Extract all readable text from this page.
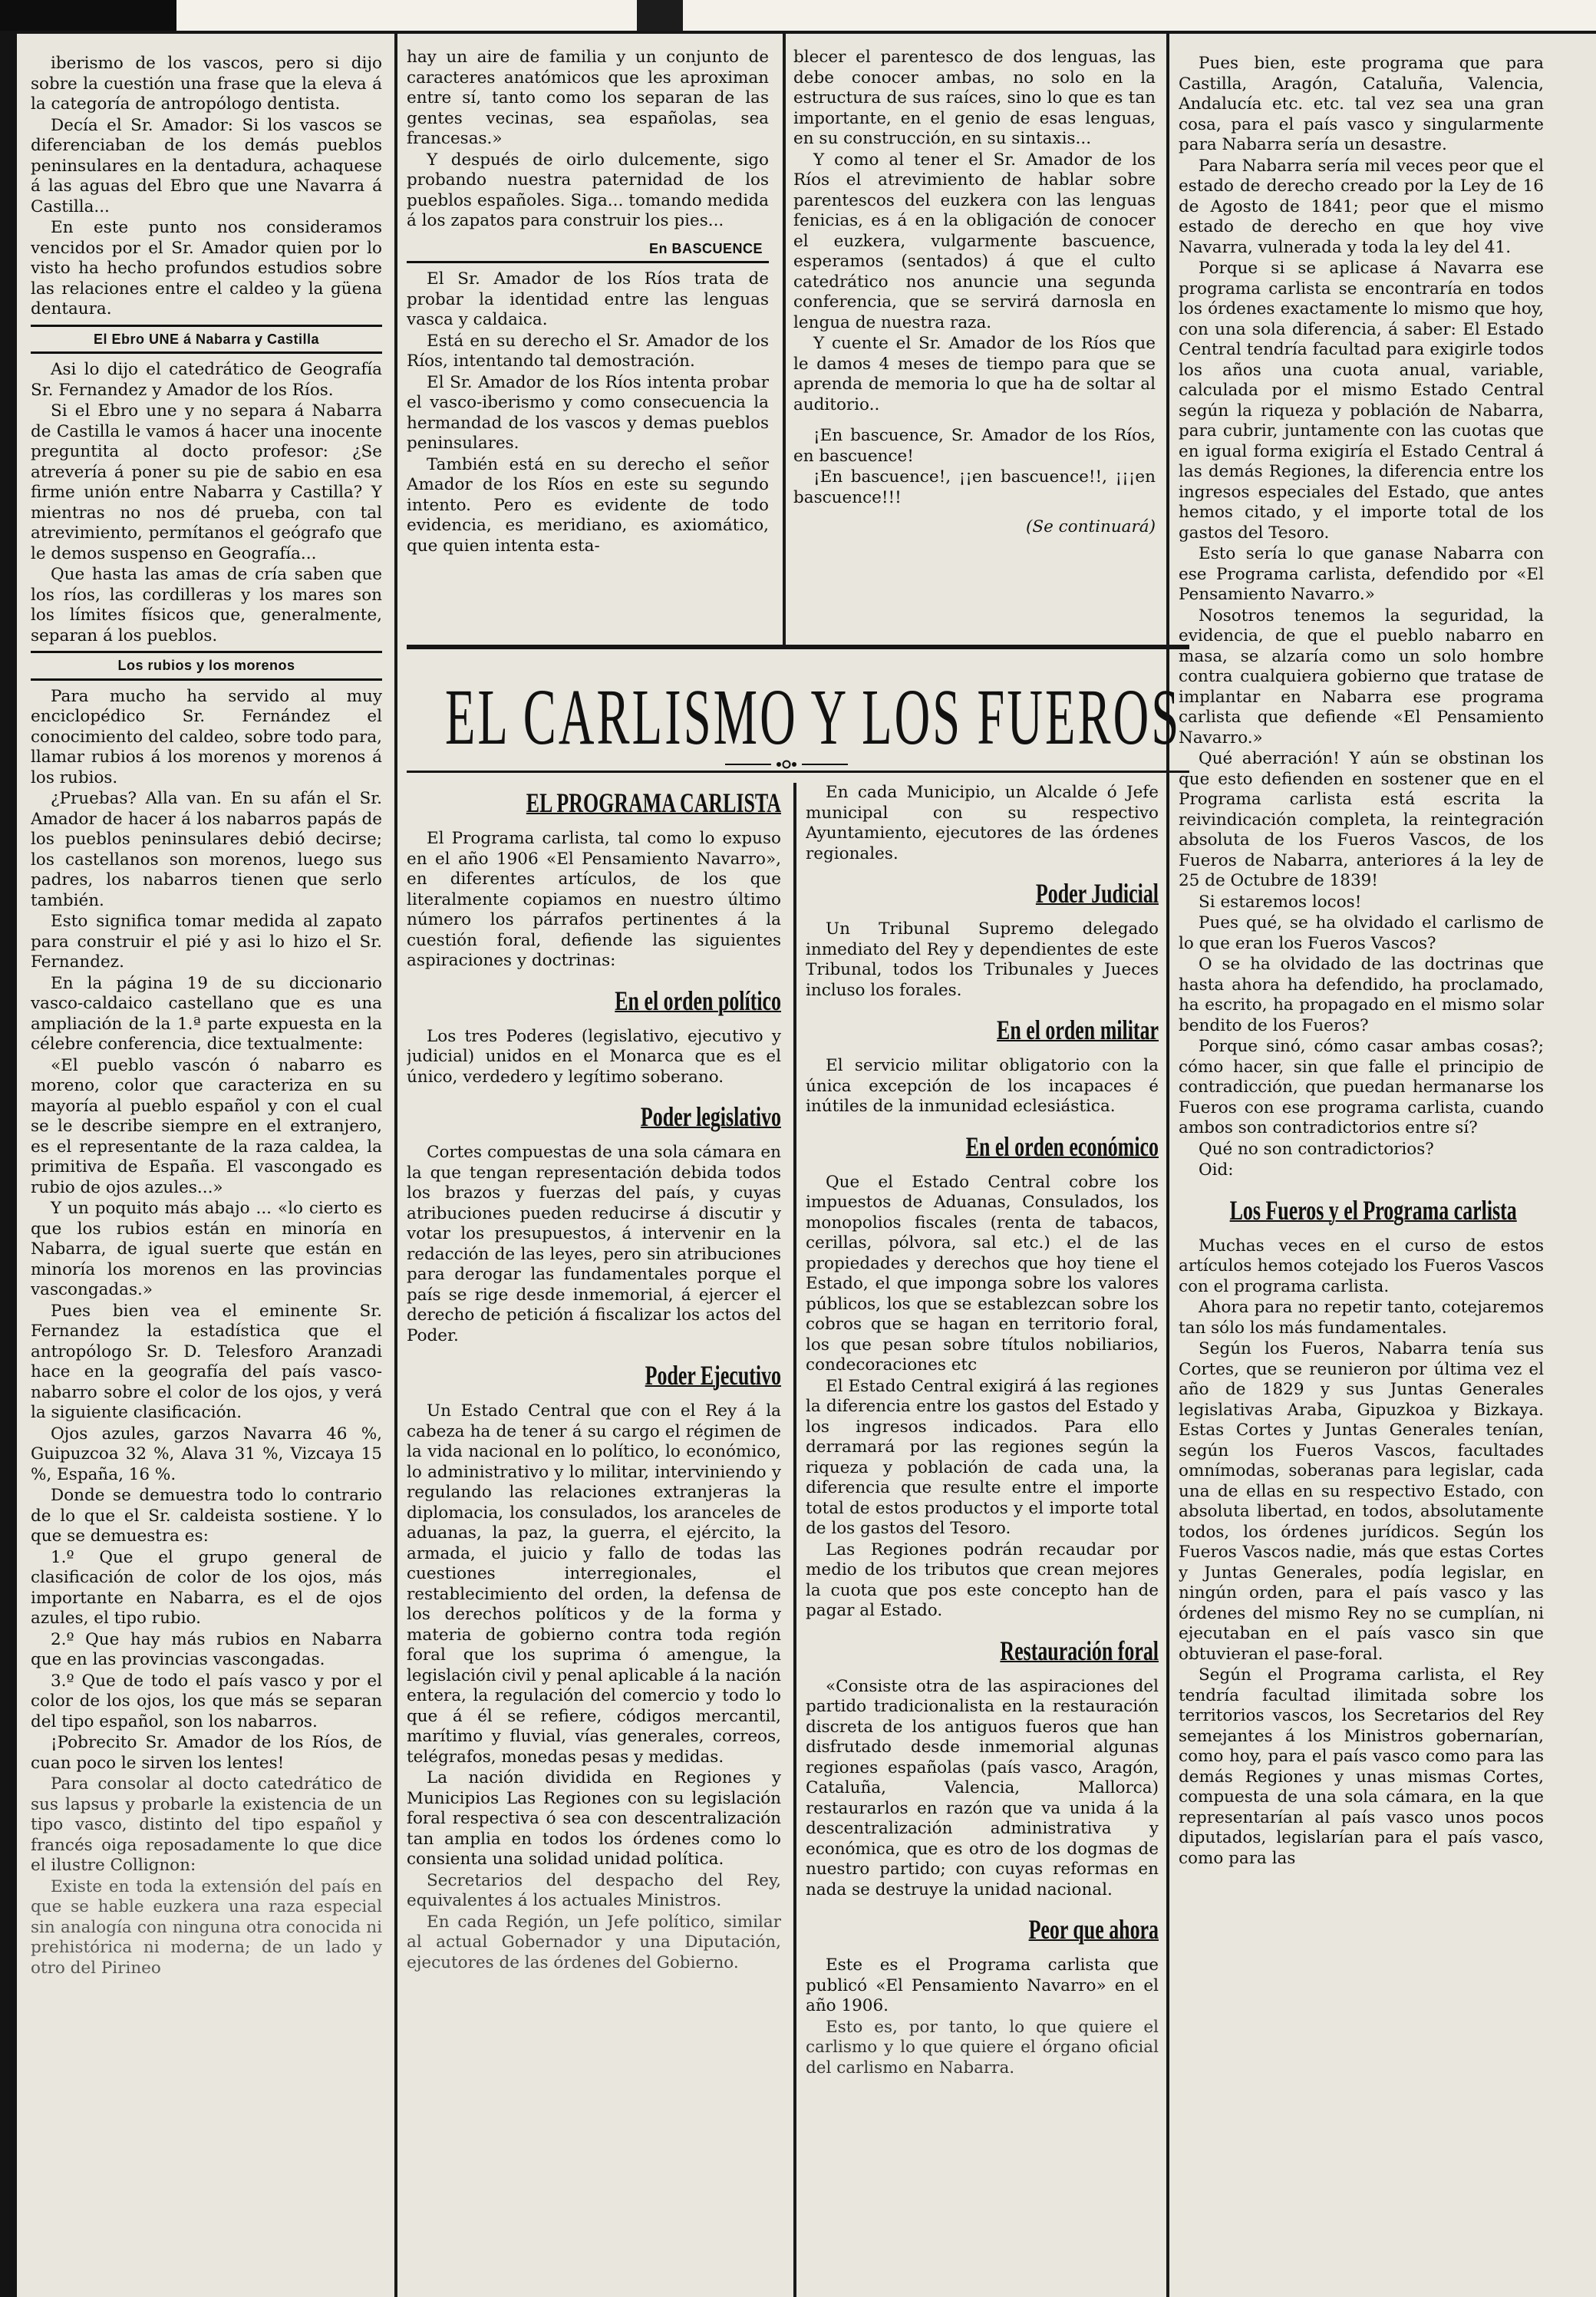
iberismo de los vascos, pero si dijo sobre la cuestión una frase que la eleva á la categoría de antropólogo dentista.

Decía el Sr. Amador: Si los vascos se diferenciaban de los demás pueblos peninsulares en la dentadura, achaquese á las aguas del Ebro que une Navarra á Castilla...

En este punto nos consideramos vencidos por el Sr. Amador quien por lo visto ha hecho profundos estudios sobre las relaciones entre el caldeo y la güena dentaura.

El Ebro UNE á Nabarra y Castilla

Asi lo dijo el catedrático de Geografía Sr. Fernandez y Amador de los Ríos.

Si el Ebro une y no separa á Nabarra de Castilla le vamos á hacer una inocente preguntita al docto profesor: ¿Se atrevería á poner su pie de sabio en esa firme unión entre Nabarra y Castilla? Y mientras no nos dé prueba, con tal atrevimiento, permítanos el geógrafo que le demos suspenso en Geografía...

Que hasta las amas de cría saben que los ríos, las cordilleras y los mares son los límites físicos que, generalmente, separan á los pueblos.

Los rubios y los morenos

Para mucho ha servido al muy enciclopédico Sr. Fernández el conocimiento del caldeo, sobre todo para, llamar rubios á los morenos y morenos á los rubios.

¿Pruebas? Alla van. En su afán el Sr. Amador de hacer á los nabarros papás de los pueblos peninsulares debió decirse; los castellanos son morenos, luego sus padres, los nabarros tienen que serlo también.

Esto significa tomar medida al zapato para construir el pié y asi lo hizo el Sr. Fernandez.

En la página 19 de su diccionario vasco-caldaico castellano que es una ampliación de la 1.ª parte expuesta en la célebre conferencia, dice textualmente:

«El pueblo vascón ó nabarro es moreno, color que caracteriza en su mayoría al pueblo español y con el cual se le describe siempre en el extranjero, es el representante de la raza caldea, la primitiva de España. El vascongado es rubio de ojos azules...»

Y un poquito más abajo ... «lo cierto es que los rubios están en minoría en Nabarra, de igual suerte que están en minoría los morenos en las provincias vascongadas.»

Pues bien vea el eminente Sr. Fernandez la estadística que el antropólogo Sr. D. Telesforo Aranzadi hace en la geografía del país vasco-nabarro sobre el color de los ojos, y verá la siguiente clasificación.

Ojos azules, garzos Navarra 46 %, Guipuzcoa 32 %, Alava 31 %, Vizcaya 15 %, España, 16 %.

Donde se demuestra todo lo contrario de lo que el Sr. caldeista sostiene. Y lo que se demuestra es:

1.º Que el grupo general de clasificación de color de los ojos, más importante en Nabarra, es el de ojos azules, el tipo rubio.

2.º Que hay más rubios en Nabarra que en las provincias vascongadas.

3.º Que de todo el país vasco y por el color de los ojos, los que más se separan del tipo español, son los nabarros.

¡Pobrecito Sr. Amador de los Ríos, de cuan poco le sirven los lentes!

Para consolar al docto catedrático de sus lapsus y probarle la existencia de un tipo vasco, distinto del tipo español y francés oiga reposadamente lo que dice el ilustre Collignon:

Existe en toda la extensión del país en que se hable euzkera una raza especial sin analogía con ninguna otra conocida ni prehistórica ni moderna; de un lado y otro del Pirineo

hay un aire de familia y un conjunto de caracteres anatómicos que les aproximan entre sí, tanto como los separan de las gentes vecinas, sea españolas, sea francesas.»

Y después de oirlo dulcemente, sigo probando nuestra paternidad de los pueblos españoles. Siga... tomando medida á los zapatos para construir los pies...

En BASCUENCE

El Sr. Amador de los Ríos trata de probar la identidad entre las lenguas vasca y caldaica.

Está en su derecho el Sr. Amador de los Ríos, intentando tal demostración.

El Sr. Amador de los Ríos intenta probar el vasco-iberismo y como consecuencia la hermandad de los vascos y demas pueblos peninsulares.

También está en su derecho el señor Amador de los Ríos en este su segundo intento. Pero es evidente de todo evidencia, es meridiano, es axiomático, que quien intenta esta-

blecer el parentesco de dos lenguas, las debe conocer ambas, no solo en la estructura de sus raíces, sino lo que es tan importante, en el genio de esas lenguas, en su construcción, en su sintaxis...

Y como al tener el Sr. Amador de los Ríos el atrevimiento de hablar sobre parentescos del euzkera con las lenguas fenicias, es á en la obligación de conocer el euzkera, vulgarmente bascuence, esperamos (sentados) á que el culto catedrático nos anuncie una segunda conferencia, que se servirá darnosla en lengua de nuestra raza.

Y cuente el Sr. Amador de los Ríos que le damos 4 meses de tiempo para que se aprenda de memoria lo que ha de soltar al auditorio..

¡En bascuence, Sr. Amador de los Ríos, en bascuence!

¡En bascuence!, ¡¡en bascuence!!, ¡¡¡en bascuence!!!

(Se continuará)

Pues bien, este programa que para Castilla, Aragón, Cataluña, Valencia, Andalucía etc. etc. tal vez sea una gran cosa, para el país vasco y singularmente para Nabarra sería un desastre.

Para Nabarra sería mil veces peor que el estado de derecho creado por la Ley de 16 de Agosto de 1841; peor que el mismo estado de derecho en que hoy vive Navarra, vulnerada y toda la ley del 41.

Porque si se aplicase á Navarra ese programa carlista se encontraría en todos los órdenes exactamente lo mismo que hoy, con una sola diferencia, á saber: El Estado Central tendría facultad para exigirle todos los años una cuota anual, variable, calculada por el mismo Estado Central según la riqueza y población de Nabarra, para cubrir, juntamente con las cuotas que en igual forma exigiría el Estado Central á las demás Regiones, la diferencia entre los ingresos especiales del Estado, que antes hemos citado, y el importe total de los gastos del Tesoro.

Esto sería lo que ganase Nabarra con ese Programa carlista, defendido por «El Pensamiento Navarro.»

Nosotros tenemos la seguridad, la evidencia, de que el pueblo nabarro en masa, se alzaría como un solo hombre contra cualquiera gobierno que tratase de implantar en Nabarra ese programa carlista que defiende «El Pensamiento Navarro.»

Qué aberración! Y aún se obstinan los que esto defienden en sostener que en el Programa carlista está escrita la reivindicación completa, la reintegración absoluta de los Fueros Vascos, de los Fueros de Nabarra, anteriores á la ley de 25 de Octubre de 1839!

Si estaremos locos!

Pues qué, se ha olvidado el carlismo de lo que eran los Fueros Vascos?

O se ha olvidado de las doctrinas que hasta ahora ha defendido, ha proclamado, ha escrito, ha propagado en el mismo solar bendito de los Fueros?

Porque sinó, cómo casar ambas cosas?; cómo hacer, sin que falle el principio de contradicción, que puedan hermanarse los Fueros con ese programa carlista, cuando ambos son contradictorios entre sí?

Qué no son contradictorios?

Oid:

Los Fueros y el Programa carlista

Muchas veces en el curso de estos artículos hemos cotejado los Fueros Vascos con el programa carlista.

Ahora para no repetir tanto, cotejaremos tan sólo los más fundamentales.

Según los Fueros, Nabarra tenía sus Cortes, que se reunieron por última vez el año de 1829 y sus Juntas Generales legislativas Araba, Gipuzkoa y Bizkaya. Estas Cortes y Juntas Generales tenían, según los Fueros Vascos, facultades omnímodas, soberanas para legislar, cada una de ellas en su respectivo Estado, con absoluta libertad, en todos, absolutamente todos, los órdenes jurídicos. Según los Fueros Vascos nadie, más que estas Cortes y Juntas Generales, podía legislar, en ningún orden, para el país vasco y las órdenes del mismo Rey no se cumplían, ni ejecutaban en el país vasco sin que obtuvieran el pase-foral.

Según el Programa carlista, el Rey tendría facultad ilimitada sobre los territorios vascos, los Secretarios del Rey semejantes á los Ministros gobernarían, como hoy, para el país vasco como para las demás Regiones y unas mismas Cortes, compuesta de una sola cámara, en la que representarían al país vasco unos pocos diputados, legislarían para el país vasco, como para las

EL CARLISMO Y LOS FUEROS
EL PROGRAMA CARLISTA

El Programa carlista, tal como lo expuso en el año 1906 «El Pensamiento Navarro», en diferentes artículos, de los que literalmente copiamos en nuestro último número los párrafos pertinentes á la cuestión foral, defiende las siguientes aspiraciones y doctrinas:

En el orden político

Los tres Poderes (legislativo, ejecutivo y judicial) unidos en el Monarca que es el único, verdedero y legítimo soberano.

Poder legislativo

Cortes compuestas de una sola cámara en la que tengan representación debida todos los brazos y fuerzas del país, y cuyas atribuciones pueden reducirse á discutir y votar los presupuestos, á intervenir en la redacción de las leyes, pero sin atribuciones para derogar las fundamentales porque el país se rige desde inmemorial, á ejercer el derecho de petición á fiscalizar los actos del Poder.

Poder Ejecutivo

Un Estado Central que con el Rey á la cabeza ha de tener á su cargo el régimen de la vida nacional en lo político, lo económico, lo administrativo y lo militar, interviniendo y regulando las relaciones extranjeras la diplomacia, los consulados, los aranceles de aduanas, la paz, la guerra, el ejército, la armada, el juicio y fallo de todas las cuestiones interregionales, el restablecimiento del orden, la defensa de los derechos políticos y de la forma y materia de gobierno contra toda región foral que los suprima ó amengue, la legislación civil y penal aplicable á la nación entera, la regulación del comercio y todo lo que á él se refiere, códigos mercantil, marítimo y fluvial, vías generales, correos, telégrafos, monedas pesas y medidas.

La nación dividida en Regiones y Municipios Las Regiones con su legislación foral respectiva ó sea con descentralización tan amplia en todos los órdenes como lo consienta una solidad unidad política.

Secretarios del despacho del Rey, equivalentes á los actuales Ministros.

En cada Región, un Jefe político, similar al actual Gobernador y una Diputación, ejecutores de las órdenes del Gobierno.

En cada Municipio, un Alcalde ó Jefe municipal con su respectivo Ayuntamiento, ejecutores de las órdenes regionales.

Poder Judicial

Un Tribunal Supremo delegado inmediato del Rey y dependientes de este Tribunal, todos los Tribunales y Jueces incluso los forales.

En el orden militar

El servicio militar obligatorio con la única excepción de los incapaces é inútiles de la inmunidad eclesiástica.

En el orden económico

Que el Estado Central cobre los impuestos de Aduanas, Consulados, los monopolios fiscales (renta de tabacos, cerillas, pólvora, sal etc.) el de las propiedades y derechos que hoy tiene el Estado, el que imponga sobre los valores públicos, los que se establezcan sobre los cobros que se hagan en territorio foral, los que pesan sobre títulos nobiliarios, condecoraciones etc

El Estado Central exigirá á las regiones la diferencia entre los gastos del Estado y los ingresos indicados. Para ello derramará por las regiones según la riqueza y población de cada una, la diferencia que resulte entre el importe total de estos productos y el importe total de los gastos del Tesoro.

Las Regiones podrán recaudar por medio de los tributos que crean mejores la cuota que pos este concepto han de pagar al Estado.

Restauración foral

«Consiste otra de las aspiraciones del partido tradicionalista en la restauración discreta de los antiguos fueros que han disfrutado desde inmemorial algunas regiones españolas (país vasco, Aragón, Cataluña, Valencia, Mallorca) restaurarlos en razón que va unida á la descentralización administrativa y económica, que es otro de los dogmas de nuestro partido; con cuyas reformas en nada se destruye la unidad nacional.

Peor que ahora

Este es el Programa carlista que publicó «El Pensamiento Navarro» en el año 1906.

Esto es, por tanto, lo que quiere el carlismo y lo que quiere el órgano oficial del carlismo en Nabarra.
